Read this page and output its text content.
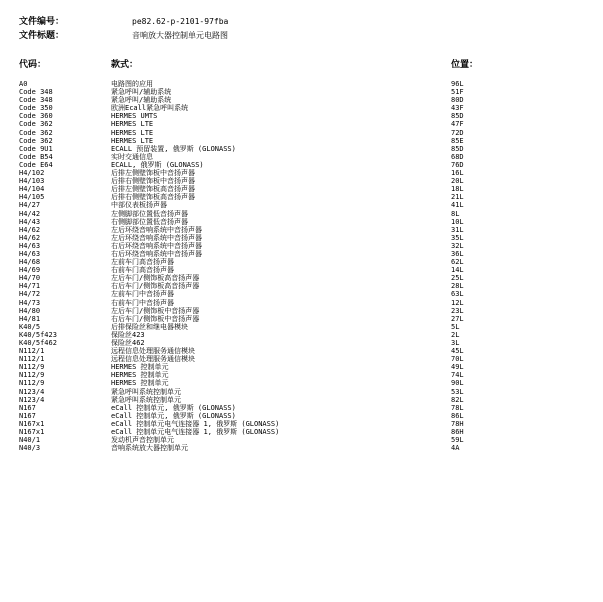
文件编号：	pe82.62-p-2101-97fba
文件标题：	音响放大器控制单元电路图
代码：	款式：	位置：
A0	电路图的应用	96L
Code 348	紧急呼叫/辅助系统	51F
Code 348	紧急呼叫/辅助系统	80D
Code 350	欧洲Ecall紧急呼叫系统	43F
Code 360	HERMES UMTS	85D
Code 362	HERMES LTE	47F
Code 362	HERMES LTE	72D
Code 362	HERMES LTE	85E
Code 9U1	ECALL 预留装置, 俄罗斯 (GLONASS)	85D
Code B54	实时交通信息	68D
Code E64	ECALL, 俄罗斯 (GLONASS)	76D
H4/102	后排左侧壁饰板中音扬声器	16L
H4/103	后排右侧壁饰板中音扬声器	20L
H4/104	后排左侧壁饰板高音扬声器	18L
H4/105	后排右侧壁饰板高音扬声器	21L
H4/27	中部仪表板扬声器	41L
H4/42	左侧脚部位置低音扬声器	8L
H4/43	右侧脚部位置低音扬声器	10L
H4/62	左后环绕音响系统中音扬声器	31L
H4/62	左后环绕音响系统中音扬声器	35L
H4/63	右后环绕音响系统中音扬声器	32L
H4/63	右后环绕音响系统中音扬声器	36L
H4/68	左前车门高音扬声器	62L
H4/69	右前车门高音扬声器	14L
H4/70	左后车门/侧饰板高音扬声器	25L
H4/71	右后车门/侧饰板高音扬声器	28L
H4/72	左前车门中音扬声器	63L
H4/73	右前车门中音扬声器	12L
H4/80	左后车门/侧饰板中音扬声器	23L
H4/81	右后车门/侧饰板中音扬声器	27L
K40/5	后排保险丝和继电器模块	5L
K40/5f423	保险丝423	2L
K40/5f462	保险丝462	3L
N112/1	远程信息处理服务通信模块	45L
N112/1	远程信息处理服务通信模块	70L
N112/9	HERMES 控制单元	49L
N112/9	HERMES 控制单元	74L
N112/9	HERMES 控制单元	90L
N123/4	紧急呼叫系统控制单元	53L
N123/4	紧急呼叫系统控制单元	82L
N167	eCall 控制单元, 俄罗斯 (GLONASS)	78L
N167	eCall 控制单元, 俄罗斯 (GLONASS)	86L
N167x1	eCall 控制单元电气连接器 1, 俄罗斯 (GLONASS)	78H
N167x1	eCall 控制单元电气连接器 1, 俄罗斯 (GLONASS)	86H
N40/1	发动机声音控制单元	59L
N40/3	音响系统放大器控制单元	4A
